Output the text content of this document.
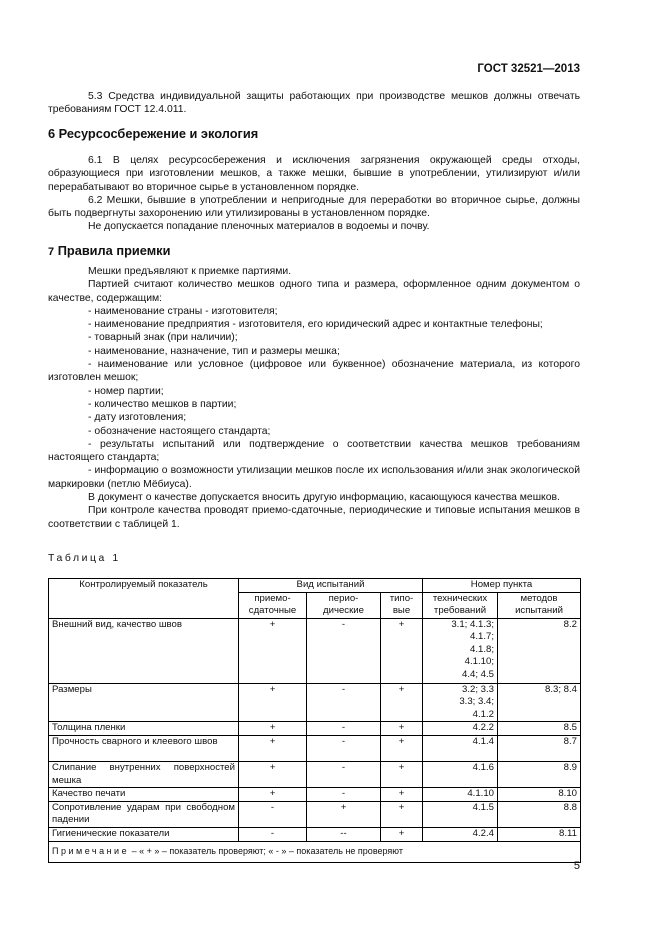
ГОСТ 32521—2013

5.3 Средства индивидуальной защиты работающих при производстве мешков должны отвечать требованиям ГОСТ 12.4.011.

6 Ресурсосбережение и экология

6.1 В целях ресурсосбережения и исключения загрязнения окружающей среды отходы, образующиеся при изготовлении мешков, а также мешки, бывшие в употреблении, утилизируют и/или перерабатывают во вторичное сырье в установленном порядке.

6.2 Мешки, бывшие в употреблении и непригодные для переработки во вторичное сырье, должны быть подвергнуты захоронению или утилизированы в установленном порядке.

Не допускается попадание пленочных материалов в водоемы и почву.

7 Правила приемки

Мешки предъявляют к приемке партиями.

Партией считают количество мешков одного типа и размера, оформленное одним документом о качестве, содержащим:

- наименование страны - изготовителя;

- наименование предприятия - изготовителя, его юридический адрес и контактные телефоны;

- товарный знак (при наличии);

- наименование, назначение, тип и размеры мешка;

- наименование или условное (цифровое или буквенное) обозначение материала, из которого изготовлен мешок;

- номер партии;

- количество мешков в партии;

- дату изготовления;

- обозначение настоящего стандарта;

- результаты испытаний или подтверждение о соответствии качества мешков требованиям настоящего стандарта;

- информацию о возможности утилизации мешков после их использования и/или знак экологической маркировки (петлю Мёбиуса).

В документ о качестве допускается вносить другую информацию, касающуюся качества мешков.

При контроле качества проводят приемо-сдаточные, периодические и типовые испытания мешков в соответствии с таблицей 1.

Таблица 1
Контролируемый показатель	Вид испытаний			Номер пункта	
	приемо-сдаточные	перио-дические	типо-вые	технических требований	методов испытаний
Внешний вид, качество швов	+	-	+	3.1; 4.1.3; 4.1.7; 4.1.8; 4.1.10; 4.4; 4.5	8.2
Размеры	+	-	+	3.2; 3.3 3.3; 3.4; 4.1.2	8.3; 8.4
Толщина пленки	+	-	+	4.2.2	8.5
Прочность сварного и клеевого швов	+	-	+	4.1.4	8.7
Слипание внутренних поверхностей мешка	+	-	+	4.1.6	8.9
Качество печати	+	-	+	4.1.10	8.10
Сопротивление ударам при свободном падении	-	+	+	4.1.5	8.8
Гигиенические показатели	-	--	+	4.2.4	8.11
Примечание – « + » – показатель проверяют; « - » – показатель не проверяют					
5
